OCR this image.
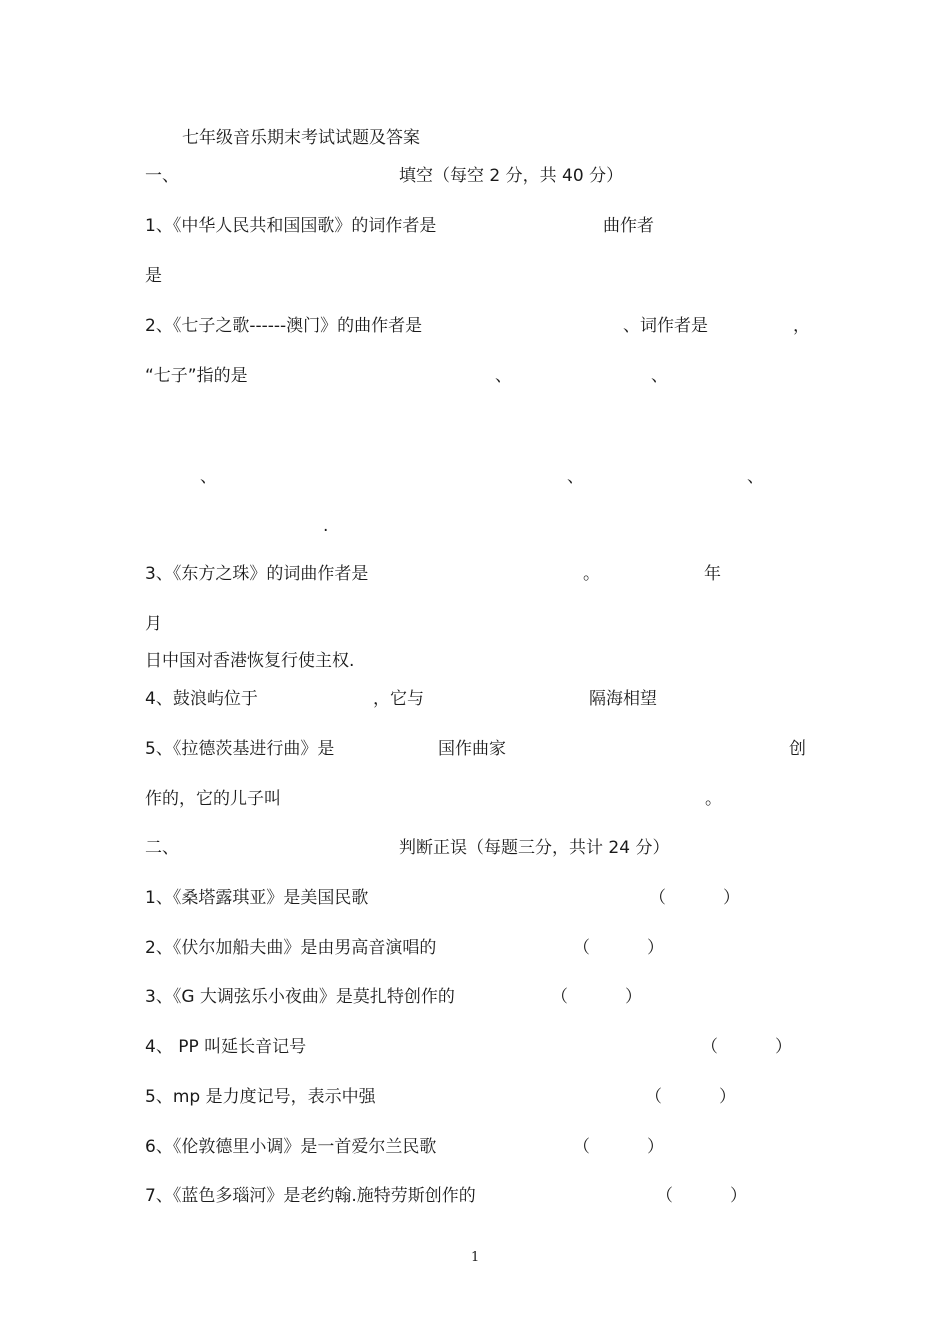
七年级音乐期末考试试题及答案
一、	填空（每空 2 分，共 40 分）
1、《中华人民共和国国歌》的词作者是	曲作者
是
2、《七子之歌------澳门》的曲作者是	、词作者是	，
“七子”指的是	、	、
、	、	、
.
3、《东方之珠》的词曲作者是	。	年
月
日中国对香港恢复行使主权.
4、鼓浪屿位于	，它与	隔海相望
5、《拉德茨基进行曲》是	国作曲家	创
作的，它的儿子叫	。
二、	判断正误（每题三分，共计 24 分）
1、《桑塔露琪亚》是美国民歌	（	）
2、《伏尔加船夫曲》是由男高音演唱的	（	）
3、《G 大调弦乐小夜曲》是莫扎特创作的	（	）
4、 PP 叫延长音记号	（	）
5、mp 是力度记号，表示中强	（	）
6、《伦敦德里小调》是一首爱尔兰民歌	（	）
7、《蓝色多瑙河》是老约翰.施特劳斯创作的	（	）
1
